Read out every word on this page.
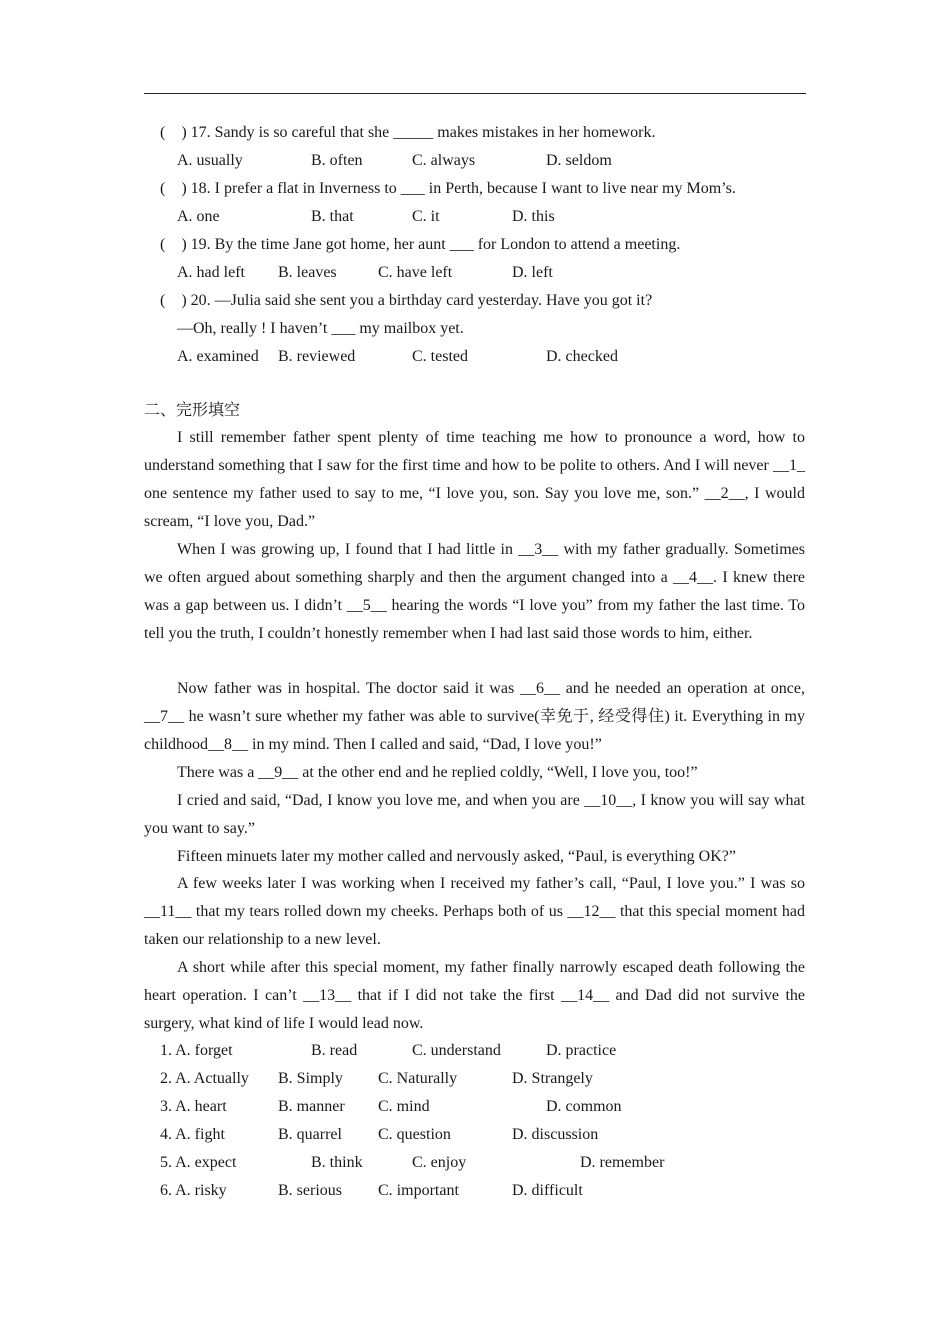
(    ) 17. Sandy is so careful that she _____ makes mistakes in her homework.
A. usually	B. often	C. always	D. seldom
(    ) 18. I prefer a flat in Inverness to ___ in Perth, because I want to live near my Mom’s.
A. one	B. that	C. it	D. this
(    ) 19. By the time Jane got home, her aunt ___ for London to attend a meeting.
A. had left B. leaves	C. have left	D. left
(    ) 20. —Julia said she sent you a birthday card yesterday. Have you got it?
—Oh, really ! I haven’t ___ my mailbox yet.
A. examined B. reviewed	C. tested	D. checked
二、完形填空

I still remember father spent plenty of time teaching me how to pronounce a word, how to understand something that I saw for the first time and how to be polite to others. And I will never __1_ one sentence my father used to say to me, “I love you, son. Say you love me, son.” __2__, I would scream, “I love you, Dad.”

When I was growing up, I found that I had little in __3__ with my father gradually. Sometimes we often argued about something sharply and then the argument changed into a __4__. I knew there was a gap between us. I didn’t __5__ hearing the words “I love you” from my father the last time. To tell you the truth, I couldn’t honestly remember when I had last said those words to him, either.

Now father was in hospital. The doctor said it was __6__ and he needed an operation at once, __7__ he wasn’t sure whether my father was able to survive(幸免于, 经受得住) it. Everything in my childhood__8__ in my mind. Then I called and said, “Dad, I love you!”

There was a __9__ at the other end and he replied coldly, “Well, I love you, too!”

I cried and said, “Dad, I know you love me, and when you are __10__, I know you will say what you want to say.”

Fifteen minuets later my mother called and nervously asked, “Paul, is everything OK?”

A few weeks later I was working when I received my father’s call, “Paul, I love you.” I was so __11__ that my tears rolled down my cheeks. Perhaps both of us __12__ that this special moment had taken our relationship to a new level.

A short while after this special moment, my father finally narrowly escaped death following the heart operation. I can’t __13__ that if I did not take the first __14__ and Dad did not survive the surgery, what kind of life I would lead now.

1. A. forget	B. read	C. understand	D. practice
2. A. Actually B. Simply C. Naturally	D. Strangely
3. A. heart	B. manner C. mind	D. common
4. A. fight	B. quarrel C. question	D. discussion
5. A. expect	B. think	C. enjoy	D. remember
6. A. risky	B. serious C. important	D. difficult
